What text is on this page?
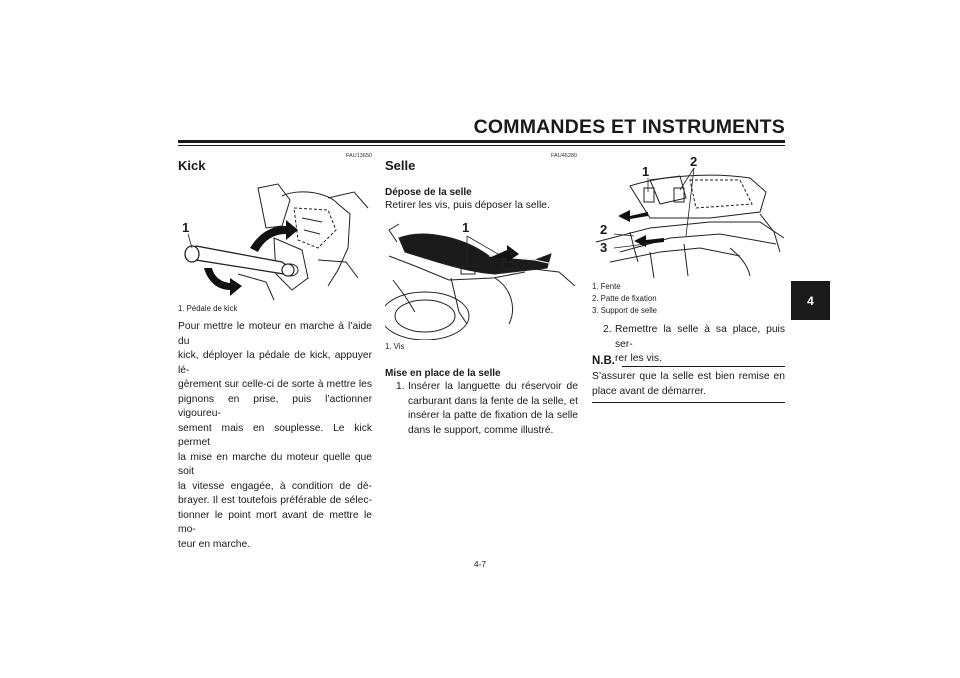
COMMANDES ET INSTRUMENTS
4
FAU13650
Kick
1
1. Pédale de kick
Pour mettre le moteur en marche à l’aide du
kick, déployer la pédale de kick, appuyer lé-
gèrement sur celle-ci de sorte à mettre les
pignons en prise, puis l’actionner vigoureu-
sement mais en souplesse. Le kick permet
la mise en marche du moteur quelle que soit
la vitesse engagée, à condition de dé-
brayer. Il est toutefois préférable de sélec-
tionner le point mort avant de mettre le mo-
teur en marche.
FAU46280
Selle
Dépose de la selle
Retirer les vis, puis déposer la selle.
1
1. Vis
Mise en place de la selle
1. Insérer la languette du réservoir de
carburant dans la fente de la selle, et
insérer la patte de fixation de la selle
dans le support, comme illustré.
1
2
2
3
1. Fente
2. Patte de fixation
3. Support de selle
2. Remettre la selle à sa place, puis ser-
rer les vis.
N.B.
S’assurer que la selle est bien remise en
place avant de démarrer.
4-7
